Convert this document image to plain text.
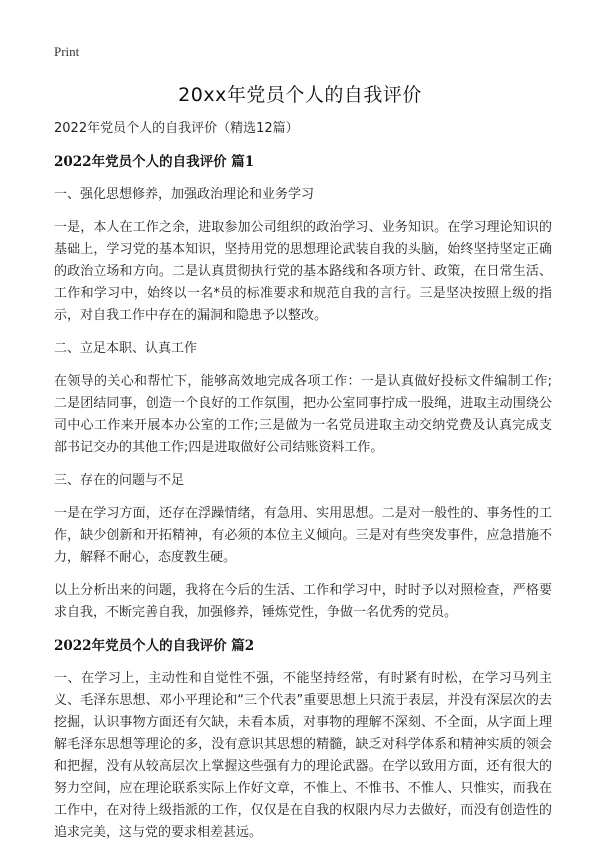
Print
20xx年党员个人的自我评价

2022年党员个人的自我评价（精选12篇）

2022年党员个人的自我评价 篇1

一、强化思想修养，加强政治理论和业务学习

一是，本人在工作之余，进取参加公司组织的政治学习、业务知识。在学习理论知识的基础上，学习党的基本知识，坚持用党的思想理论武装自我的头脑，始终坚持坚定正确的政治立场和方向。二是认真贯彻执行党的基本路线和各项方针、政策，在日常生活、工作和学习中，始终以一名*员的标准要求和规范自我的言行。三是坚决按照上级的指示，对自我工作中存在的漏洞和隐患予以整改。

二、立足本职、认真工作

在领导的关心和帮忙下，能够高效地完成各项工作：一是认真做好投标文件编制工作;二是团结同事，创造一个良好的工作氛围，把办公室同事拧成一股绳，进取主动围绕公司中心工作来开展本办公室的工作;三是做为一名党员进取主动交纳党费及认真完成支部书记交办的其他工作;四是进取做好公司结账资料工作。

三、存在的问题与不足

一是在学习方面，还存在浮躁情绪，有急用、实用思想。二是对一般性的、事务性的工作，缺少创新和开拓精神，有必须的本位主义倾向。三是对有些突发事件，应急措施不力，解释不耐心，态度教生硬。

以上分析出来的问题，我将在今后的生活、工作和学习中，时时予以对照检查，严格要求自我，不断完善自我，加强修养，锤炼党性，争做一名优秀的党员。

2022年党员个人的自我评价 篇2

一、在学习上，主动性和自觉性不强，不能坚持经常，有时紧有时松，在学习马列主义、毛泽东思想、邓小平理论和“三个代表”重要思想上只流于表层，并没有深层次的去挖掘，认识事物方面还有欠缺，未看本质，对事物的理解不深刻、不全面，从字面上理解毛泽东思想等理论的多，没有意识其思想的精髓，缺乏对科学体系和精神实质的领会和把握，没有从较高层次上掌握这些强有力的理论武器。在学以致用方面，还有很大的努力空间，应在理论联系实际上作好文章，不惟上、不惟书、不惟人、只惟实，而我在工作中，在对待上级指派的工作，仅仅是在自我的权限内尽力去做好，而没有创造性的追求完美，这与党的要求相差甚远。
